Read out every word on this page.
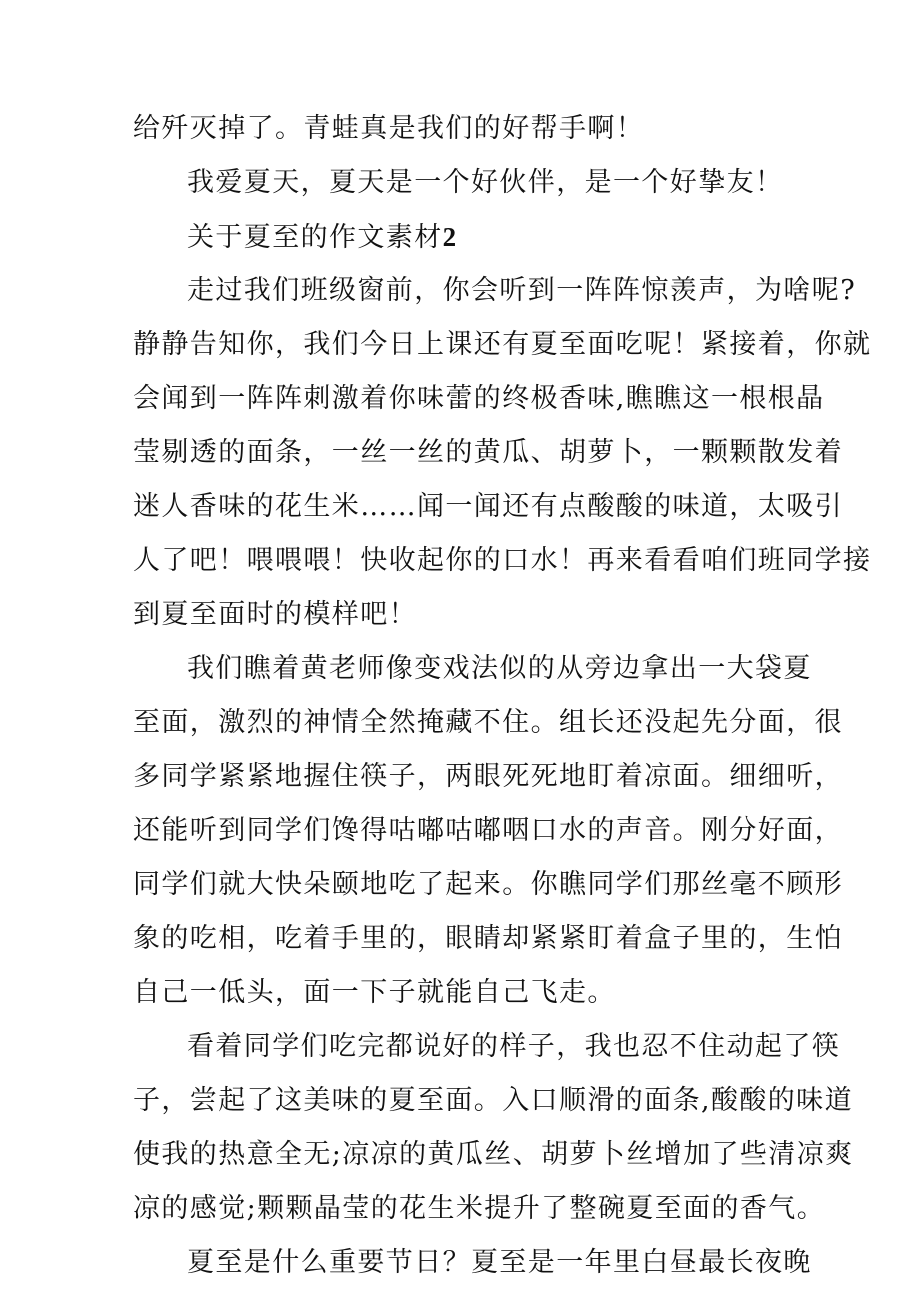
给歼灭掉了。青蛙真是我们的好帮手啊！
我爱夏天，夏天是一个好伙伴，是一个好挚友！
关于夏至的作文素材2
走过我们班级窗前，你会听到一阵阵惊羡声，为啥呢?
静静告知你，我们今日上课还有夏至面吃呢！紧接着，你就
会闻到一阵阵刺激着你味蕾的终极香味,瞧瞧这一根根晶
莹剔透的面条，一丝一丝的黄瓜、胡萝卜，一颗颗散发着
迷人香味的花生米……闻一闻还有点酸酸的味道，太吸引
人了吧！喂喂喂！快收起你的口水！再来看看咱们班同学接
到夏至面时的模样吧！
我们瞧着黄老师像变戏法似的从旁边拿出一大袋夏
至面，激烈的神情全然掩藏不住。组长还没起先分面，很
多同学紧紧地握住筷子，两眼死死地盯着凉面。细细听，
还能听到同学们馋得咕嘟咕嘟咽口水的声音。刚分好面，
同学们就大快朵颐地吃了起来。你瞧同学们那丝毫不顾形
象的吃相，吃着手里的，眼睛却紧紧盯着盒子里的，生怕
自己一低头，面一下子就能自己飞走。
看着同学们吃完都说好的样子，我也忍不住动起了筷
子，尝起了这美味的夏至面。入口顺滑的面条,酸酸的味道
使我的热意全无;凉凉的黄瓜丝、胡萝卜丝增加了些清凉爽
凉的感觉;颗颗晶莹的花生米提升了整碗夏至面的香气。
夏至是什么重要节日？夏至是一年里白昼最长夜晚
